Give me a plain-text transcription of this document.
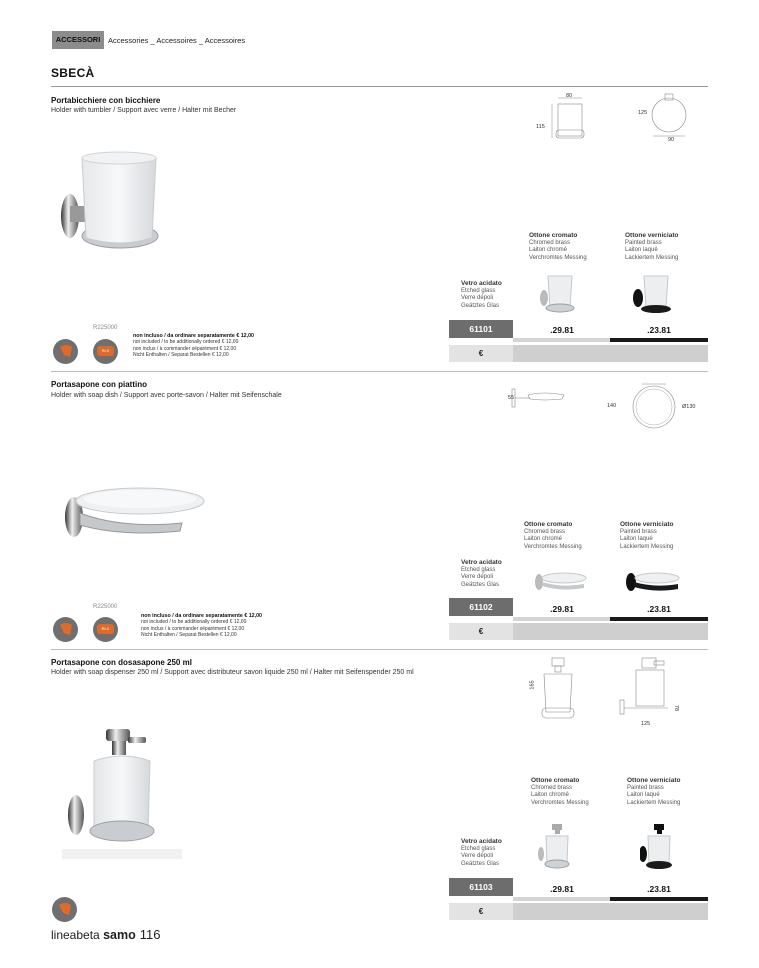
ACCESSORI	Accessories _ Accessoires _ Accessoires
SBECÀ
Portabicchiere con bicchiere
Holder with tumbler / Support avec verre / Halter mit Becher
80
115
125
90
Ottone cromato
Chromed brass
Laiton chromé
Verchromtes Messing
Ottone verniciato
Painted brass
Laiton laqué
Lackiertem Messing
Vetro acidato
Etched glass
Verre dépoli
Geätztes Glas
61101	.29.81	.23.81
€
R225000
RLX
non incluso / da ordinare separatamente € 12,00
not included / to be additionally ordered € 12,00
non inclus / à commander séparément € 12,00
Nicht Enthalten / Separat Bestellen € 12,00
Portasapone con piattino
Holder with soap dish / Support avec porte-savon / Halter mit Seifenschale	55
140	Ø130
Ottone cromato
Chromed brass
Laiton chromé
Verchromtes Messing
Ottone verniciato
Painted brass
Laiton laqué
Lackiertem Messing
Vetro acidato
Etched glass
Verre dépoli
Geätztes Glas
61102	.29.81	.23.81
€
R225000
RLX
non incluso / da ordinare separatamente € 12,00
not included / to be additionally ordered € 12,00
non inclus / à commander séparément € 12,00
Nicht Enthalten / Separat Bestellen € 12,00
Portasapone con dosasapone 250 ml
Holder with soap dispenser 250 ml / Support avec distributeur savon liquide 250 ml / Halter mit Seifenspender 250 ml
165
125
78
Ottone cromato
Chromed brass
Laiton chromé
Verchromtes Messing
Ottone verniciato
Painted brass
Laiton laqué
Lackiertem Messing
Vetro acidato
Etched glass
Verre dépoli
Geätztes Glas
61103	.29.81	.23.81
€
lineabeta samo 116
